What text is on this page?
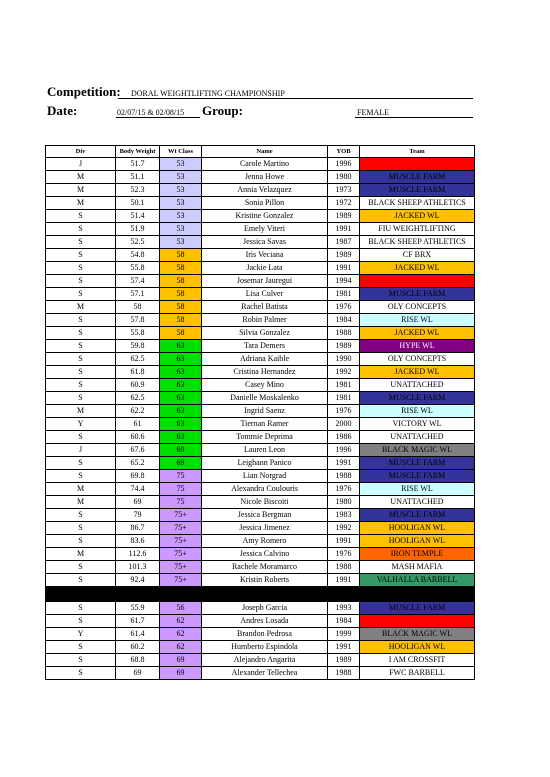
Competition: DORAL WEIGHTLIFTING CHAMPIONSHIP
Date:	02/07/15 & 02/08/15 Group:	FEMALE
Div	Body Weight	Wt Class	Name	YOB	Team
J	51.7	53	Carole Martino	1996	TEAM DORAL
M	51.1	53	Jenna Howe	1980	MUSCLE FARM
M	52.3	53	Annia Velazquez	1973	MUSCLE FARM
M	50.1	53	Sonia Pillon	1972	BLACK SHEEP ATHLETICS
S	51.4	53	Kristine Gonzalez	1989	JACKED WL
S	51.9	53	Emely Viteri	1991	FIU WEIGHTLIFTING
S	52.5	53	Jessica Savas	1987	BLACK SHEEP ATHLETICS
S	54.8	58	Iris Veciana	1989	CF BRX
S	55.8	58	Jackie Lata	1991	JACKED WL
S	57.4	58	Josemar Jauregui	1994	TEAM DORAL
S	57.1	58	Lisa Culver	1981	MUSCLE FARM
M	58	58	Rachel Batista	1976	OLY CONCEPTS
S	57.8	58	Robin Palmer	1984	RISE WL
S	55.8	58	Silvia Gonzalez	1988	JACKED WL
S	59.8	63	Tara Demers	1989	HYPE WL
S	62.5	63	Adriana Kaible	1990	OLY CONCEPTS
S	61.8	63	Cristina Hernandez	1992	JACKED WL
S	60.9	63	Casey Mino	1981	UNATTACHED
S	62.5	63	Danielle Moskalenko	1981	MUSCLE FARM
M	62.2	63	Ingrid Saenz	1976	RISE WL
Y	61	63	Tiernan Ramer	2000	VICTORY WL
S	60.6	63	Tommie Deprima	1986	UNATTACHED
J	67.6	69	Lauren Leon	1996	BLACK MAGIC WL
S	65.2	69	Leighann Panico	1991	MUSCLE FARM
S	69.8	75	Lian Norgrad	1988	MUSCLE FARM
M	74.4	75	Alexandra Coulouris	1976	RISE WL
M	69	75	Nicole Biscoiti	1980	UNATTACHED
S	79	75+	Jessica Bergman	1983	MUSCLE FARM
S	86.7	75+	Jessica Jimenez	1992	HOOLIGAN WL
S	83.6	75+	Amy Romero	1991	HOOLIGAN WL
M	112.6	75+	Jessica Calvino	1976	IRON TEMPLE
S	101.3	75+	Rachele Moramarco	1988	MASH MAFIA
S	92.4	75+	Kristin Roberts	1991	VALHALLA BARBELL

S	55.9	56	Joseph Garcia	1993	MUSCLE FARM
S	61.7	62	Andres Losada	1984	TEAM DORAL
Y	61.4	62	Brandon Pedrosa	1999	BLACK MAGIC WL
S	60.2	62	Humberto Espindola	1991	HOOLIGAN WL
S	68.8	69	Alejandro Angarita	1989	I AM CROSSFIT
S	69	69	Alexander Tellechea	1988	FWC BARBELL
